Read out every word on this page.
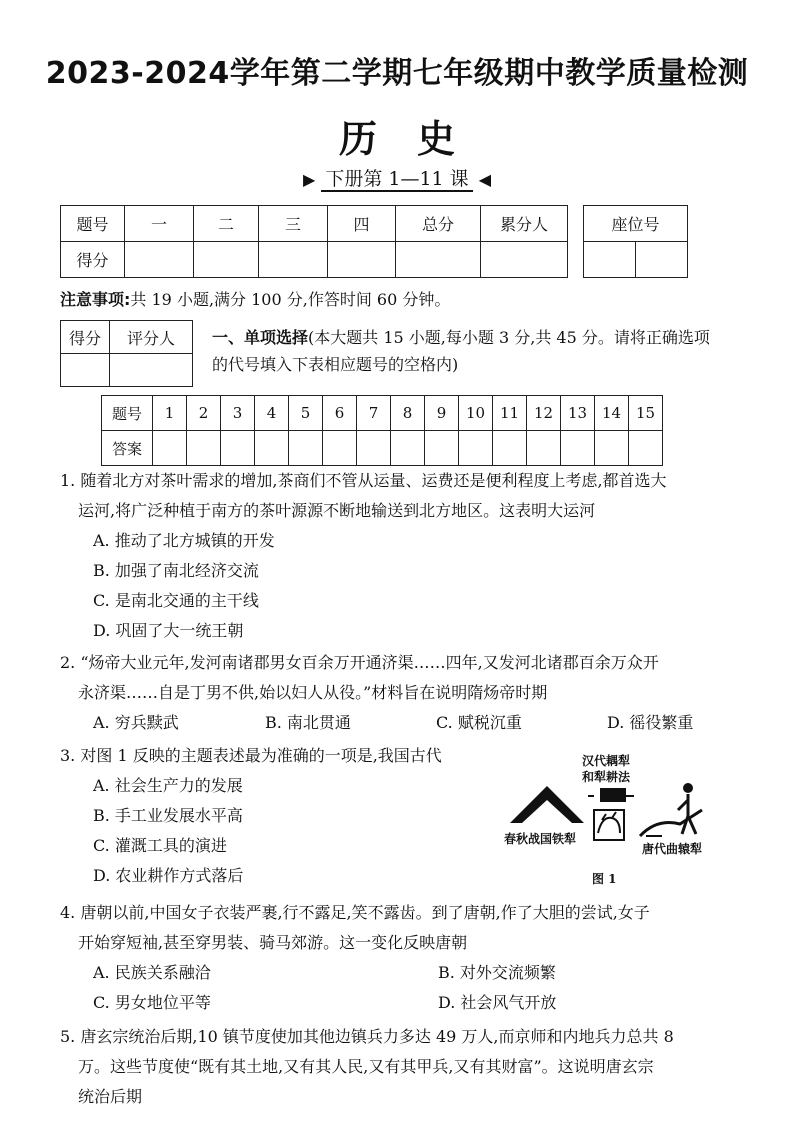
2023-2024学年第二学期七年级期中教学质量检测
历史
▶ 下册第 1—11 课 ◀
题号	一	二	三	四	总分	累分人
得分						
座位号

注意事项:共 19 小题,满分 100 分,作答时间 60 分钟。
得分	评分人
	一、单项选择(本大题共 15 小题,每小题 3 分,共 45 分。请将正确选项的代号填入下表相应题号的空格内)
题号	1	2	3	4	5	6	7	8	9	10	11	12	13	14	15
答案															
1. 随着北方对茶叶需求的增加,茶商们不管从运量、运费还是便利程度上考虑,都首选大
运河,将广泛种植于南方的茶叶源源不断地输送到北方地区。这表明大运河
A. 推动了北方城镇的开发
B. 加强了南北经济交流
C. 是南北交通的主干线
D. 巩固了大一统王朝
2. “炀帝大业元年,发河南诸郡男女百余万开通济渠……四年,又发河北诸郡百余万众开
永济渠……自是丁男不供,始以妇人从役。”材料旨在说明隋炀帝时期
A. 穷兵黩武	B. 南北贯通	C. 赋税沉重	D. 徭役繁重
3. 对图 1 反映的主题表述最为准确的一项是,我国古代
A. 社会生产力的发展
B. 手工业发展水平高
C. 灌溉工具的演进
D. 农业耕作方式落后
汉代耦犁
和犁耕法
春秋战国铁犁
唐代曲辕犁
图 1
4. 唐朝以前,中国女子衣装严裹,行不露足,笑不露齿。到了唐朝,作了大胆的尝试,女子
开始穿短袖,甚至穿男装、骑马郊游。这一变化反映唐朝
A. 民族关系融洽	B. 对外交流频繁
C. 男女地位平等	D. 社会风气开放
5. 唐玄宗统治后期,10 镇节度使加其他边镇兵力多达 49 万人,而京师和内地兵力总共 8
万。这些节度使“既有其土地,又有其人民,又有其甲兵,又有其财富”。这说明唐玄宗
统治后期
